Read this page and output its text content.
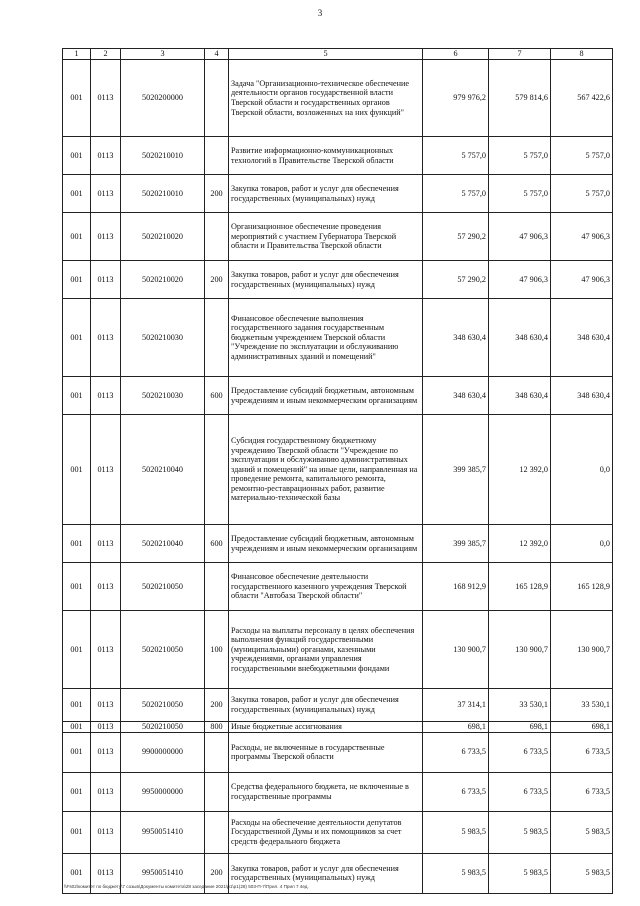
3
1	2	3	4	5	6	7	8
001	0113	5020200000		Задача "Организационно-техническое обеспечение деятельности органов государственной власти Тверской области и государственных органов Тверской области, возложенных на них функций"	979 976,2	579 814,6	567 422,6
001	0113	5020210010		Развитие информационно-коммуникационных технологий в Правительстве Тверской области	5 757,0	5 757,0	5 757,0
001	0113	5020210010	200	Закупка товаров, работ и услуг для обеспечения государственных (муниципальных) нужд	5 757,0	5 757,0	5 757,0
001	0113	5020210020		Организационное обеспечение проведения мероприятий с участием Губернатора Тверской области и Правительства Тверской области	57 290,2	47 906,3	47 906,3
001	0113	5020210020	200	Закупка товаров, работ и услуг для обеспечения государственных (муниципальных) нужд	57 290,2	47 906,3	47 906,3
001	0113	5020210030		Финансовое обеспечение выполнения государственного задания государственным бюджетным учреждением Тверской области "Учреждение по эксплуатации и обслуживанию административных зданий и помещений"	348 630,4	348 630,4	348 630,4
001	0113	5020210030	600	Предоставление субсидий бюджетным, автономным учреждениям и иным некоммерческим организациям	348 630,4	348 630,4	348 630,4
001	0113	5020210040		Субсидия государственному бюджетному учреждению Тверской области "Учреждение по эксплуатации и обслуживанию административных зданий и помещений" на иные цели, направленная на проведение ремонта, капитального ремонта, ремонтно-реставрационных работ, развитие материально-технической базы	399 385,7	12 392,0	0,0
001	0113	5020210040	600	Предоставление субсидий бюджетным, автономным учреждениям и иным некоммерческим организациям	399 385,7	12 392,0	0,0
001	0113	5020210050		Финансовое обеспечение деятельности государственного казенного учреждения Тверской области "Автобаза Тверской области"	168 912,9	165 128,9	165 128,9
001	0113	5020210050	100	Расходы на выплаты персоналу в целях обеспечения выполнения функций государственными (муниципальными) органами, казенными учреждениями, органами управления государственными внебюджетными фондами	130 900,7	130 900,7	130 900,7
001	0113	5020210050	200	Закупка товаров, работ и услуг для обеспечения государственных (муниципальных) нужд	37 314,1	33 530,1	33 530,1
001	0113	5020210050	800	Иные бюджетные ассигнования	698,1	698,1	698,1
001	0113	9900000000		Расходы, не включенные в государственные программы Тверской области	6 733,5	6 733,5	6 733,5
001	0113	9950000000		Средства федерального бюджета, не включенные в государственные программы	6 733,5	6 733,5	6 733,5
001	0113	9950051410		Расходы на обеспечение деятельности депутатов Государственной Думы и их помощников за счет средств федерального бюджета	5 983,5	5 983,5	5 983,5
001	0113	9950051410	200	Закупка товаров, работ и услуг для обеспечения государственных (муниципальных) нужд	5 983,5	5 983,5	5 983,5
\\Fs02\комитет по бюджету\7 созыв\Документы комитета\28 заседание 2021\р1\р1(28) 503-П-7\Прил. 4 Прил 7 4ед.
